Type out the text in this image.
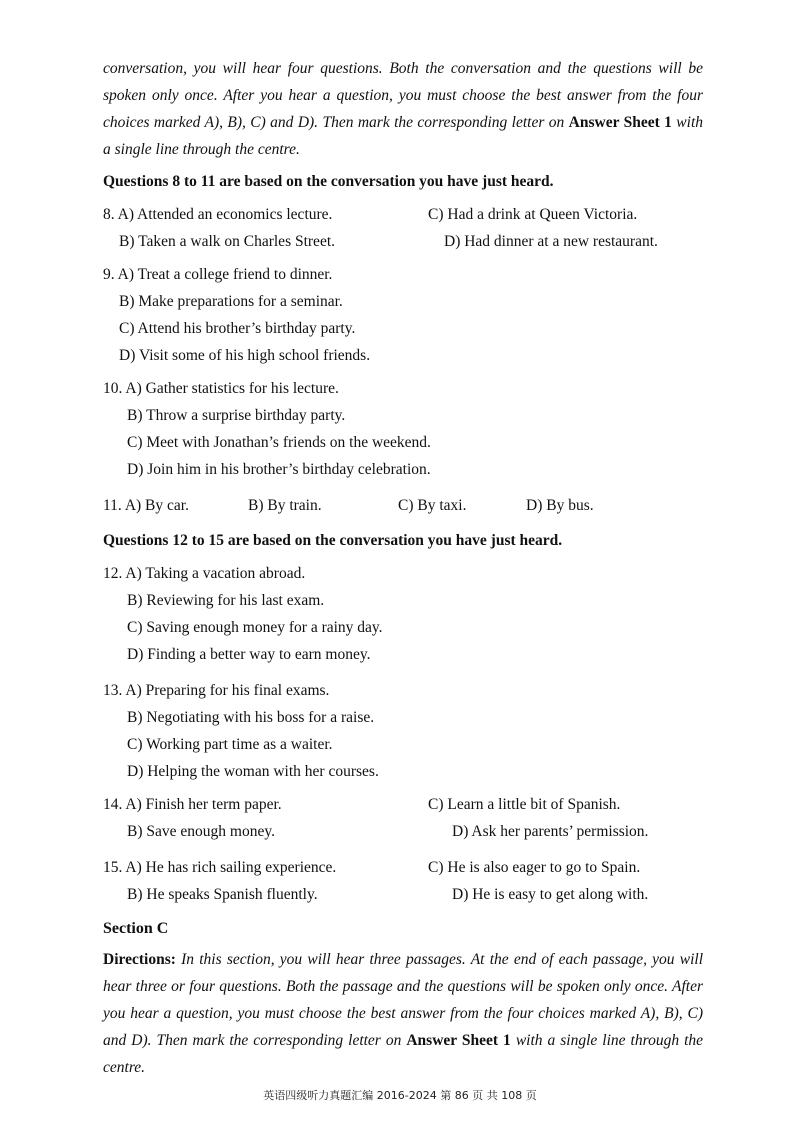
conversation, you will hear four questions. Both the conversation and the questions will be spoken only once. After you hear a question, you must choose the best answer from the four choices marked A), B), C) and D). Then mark the corresponding letter on Answer Sheet 1 with a single line through the centre.
Questions 8 to 11 are based on the conversation you have just heard.
8. A) Attended an economics lecture.	C) Had a drink at Queen Victoria.
B) Taken a walk on Charles Street.	D) Had dinner at a new restaurant.
9. A) Treat a college friend to dinner.
B) Make preparations for a seminar.
C) Attend his brother’s birthday party.
D) Visit some of his high school friends.
10. A) Gather statistics for his lecture.
B) Throw a surprise birthday party.
C) Meet with Jonathan’s friends on the weekend.
D) Join him in his brother’s birthday celebration.
11. A) By car.	B) By train.	C) By taxi.	D) By bus.
Questions 12 to 15 are based on the conversation you have just heard.
12. A) Taking a vacation abroad.
B) Reviewing for his last exam.
C) Saving enough money for a rainy day.
D) Finding a better way to earn money.
13. A) Preparing for his final exams.
B) Negotiating with his boss for a raise.
C) Working part time as a waiter.
D) Helping the woman with her courses.
14. A) Finish her term paper.	C) Learn a little bit of Spanish.
B) Save enough money.	D) Ask her parents’ permission.
15. A) He has rich sailing experience.	C) He is also eager to go to Spain.
B) He speaks Spanish fluently.	D) He is easy to get along with.
Section C
Directions: In this section, you will hear three passages. At the end of each passage, you will hear three or four questions. Both the passage and the questions will be spoken only once. After you hear a question, you must choose the best answer from the four choices marked A), B), C) and D). Then mark the corresponding letter on Answer Sheet 1 with a single line through the centre.
英语四级听力真题汇编 2016-2024 第 86 页 共 108 页
